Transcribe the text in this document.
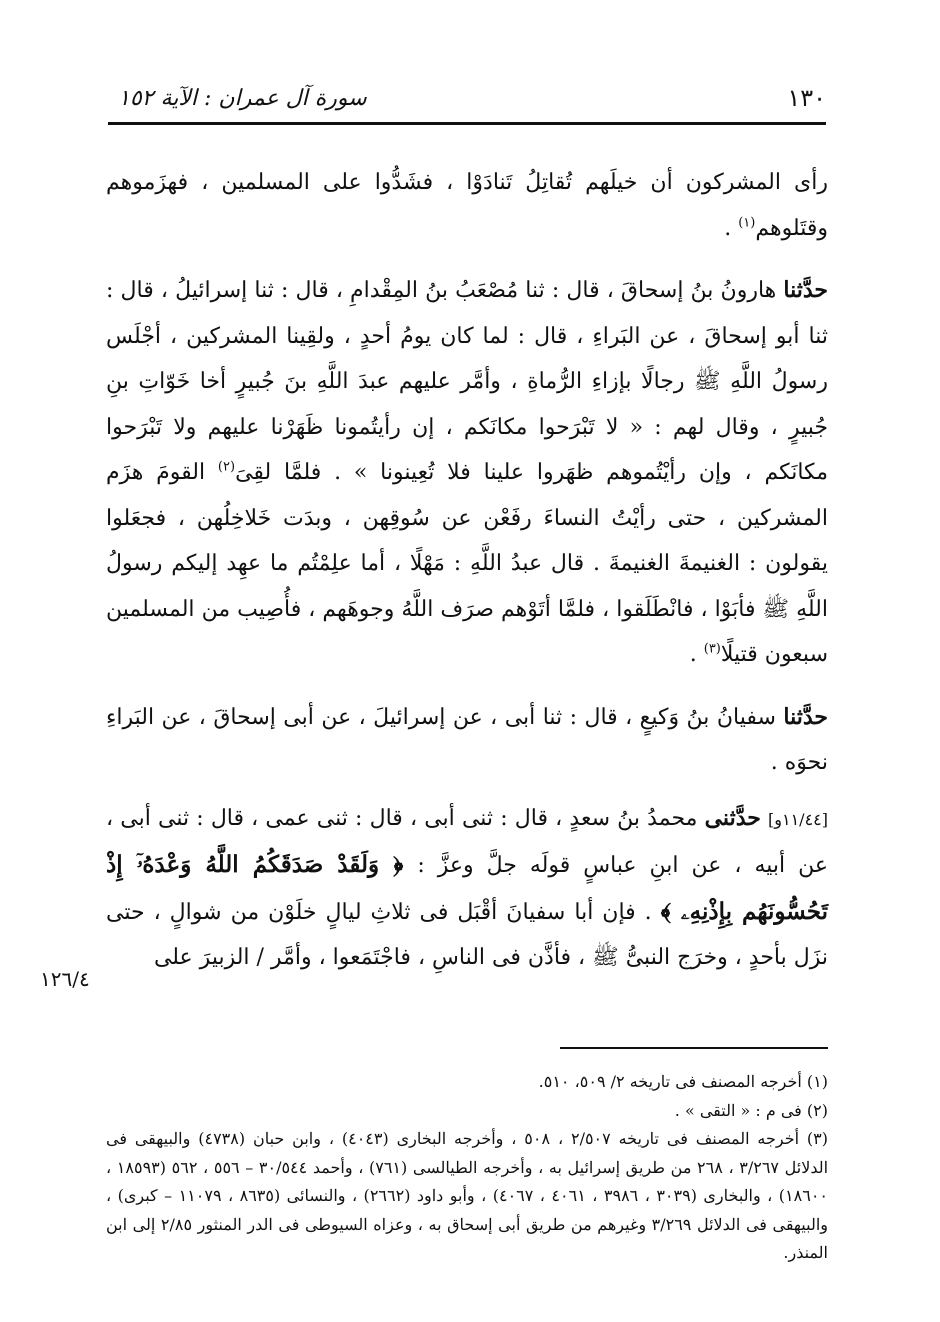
١٣٠
سورة آل عمران : الآية ١٥٢

رأى المشركون أن خيلَهم تُقاتِلُ تَنادَوْا ، فشَدُّوا على المسلمين ، فهزَموهم وقتَلوهم$^{(١)}$ .

حدَّثنا هارونُ بنُ إسحاقَ ، قال : ثنا مُصْعَبُ بنُ المِقْدامِ ، قال : ثنا إسرائيلُ ، قال : ثنا أبو إسحاقَ ، عن البَراءِ ، قال : لما كان يومُ أحدٍ ، ولقِينا المشركين ، أجْلَس رسولُ اللَّهِ ﷺ رجالًا بإزاءِ الرُّماةِ ، وأمَّر عليهم عبدَ اللَّهِ بنَ جُبيرٍ أخا خَوّاتِ بنِ جُبيرٍ ، وقال لهم : « لا تَبْرَحوا مكانَكم ، إن رأيتُمونا ظَهَرْنا عليهم ولا تَبْرَحوا مكانَكم ، وإن رأيْتُموهم ظهَروا علينا فلا تُعِينونا » . فلمَّا لقِىَ$^{(٢)}$ القومَ هزَم المشركين ، حتى رأيْتُ النساءَ رفَعْن عن سُوقِهن ، وبدَت خَلاخِلُهن ، فجعَلوا يقولون : الغنيمةَ الغنيمةَ . قال عبدُ اللَّهِ : مَهْلًا ، أما علِمْتُم ما عهِد إليكم رسولُ اللَّهِ ﷺ فأبَوْا ، فانْطَلَقوا ، فلمَّا أتَوْهم صرَف اللَّهُ وجوهَهم ، فأُصِيب من المسلمين سبعون قتيلًا$^{(٣)}$ .

حدَّثنا سفيانُ بنُ وَكيعٍ ، قال : ثنا أبى ، عن إسرائيلَ ، عن أبى إسحاقَ ، عن البَراءِ نحوَه .

[١١/٤٤و] حدَّثنى محمدُ بنُ سعدٍ ، قال : ثنى أبى ، قال : ثنى عمى ، قال : ثنى أبى ، عن أبيه ، عن ابنِ عباسٍ قولَه جلَّ وعزَّ : ﴿ وَلَقَدْ صَدَقَكُمُ اللَّهُ وَعْدَهُۥٓ إِذْ تَحُسُّونَهُم بِإِذْنِهِۦ ﴾ . فإن أبا سفيانَ أقْبَل فى ثلاثِ ليالٍ خلَوْن من شوالٍ ، حتى نزَل بأحدٍ ، وخرَج النبىُّ ﷺ ، فأذَّن فى الناسِ ، فاجْتَمَعوا ، وأمَّر / الزبيرَ على

١٢٦/٤

(١) أخرجه المصنف فى تاريخه ٢/ ٥٠٩، ٥١٠.

(٢) فى م : « التقى » .

(٣) أخرجه المصنف فى تاريخه ٢/٥٠٧ ، ٥٠٨ ، وأخرجه البخارى (٤٠٤٣) ، وابن حبان (٤٧٣٨) والبيهقى فى الدلائل ٣/٢٦٧ ، ٢٦٨ من طريق إسرائيل به ، وأخرجه الطيالسى (٧٦١) ، وأحمد ٣٠/٥٤٤ – ٥٥٦ ، ٥٦٢ (١٨٥٩٣ ، ١٨٦٠٠) ، والبخارى (٣٠٣٩ ، ٣٩٨٦ ، ٤٠٦١ ، ٤٠٦٧) ، وأبو داود (٢٦٦٢) ، والنسائى (٨٦٣٥ ، ١١٠٧٩ – كبرى) ، والبيهقى فى الدلائل ٣/٢٦٩ وغيرهم من طريق أبى إسحاق به ، وعزاه السيوطى فى الدر المنثور ٢/٨٥ إلى ابن المنذر.
